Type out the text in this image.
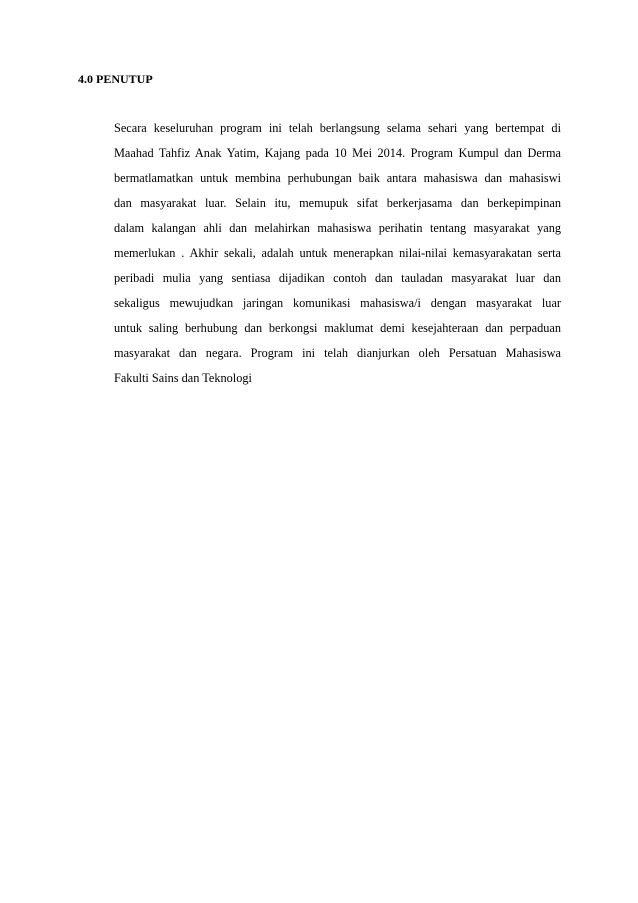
4.0 PENUTUP
Secara keseluruhan program ini telah berlangsung selama sehari yang bertempat di
Maahad Tahfiz Anak Yatim, Kajang pada 10 Mei 2014. Program Kumpul dan Derma
bermatlamatkan untuk membina perhubungan baik antara mahasiswa dan mahasiswi
dan masyarakat luar. Selain itu, memupuk sifat berkerjasama dan berkepimpinan
dalam kalangan ahli dan melahirkan mahasiswa perihatin tentang masyarakat yang
memerlukan . Akhir sekali, adalah untuk menerapkan nilai-nilai kemasyarakatan serta
peribadi mulia yang sentiasa dijadikan contoh dan tauladan masyarakat luar dan
sekaligus mewujudkan jaringan komunikasi mahasiswa/i dengan masyarakat luar
untuk saling berhubung dan berkongsi maklumat demi kesejahteraan dan perpaduan
masyarakat dan negara. Program ini telah dianjurkan oleh Persatuan Mahasiswa
Fakulti Sains dan Teknologi
